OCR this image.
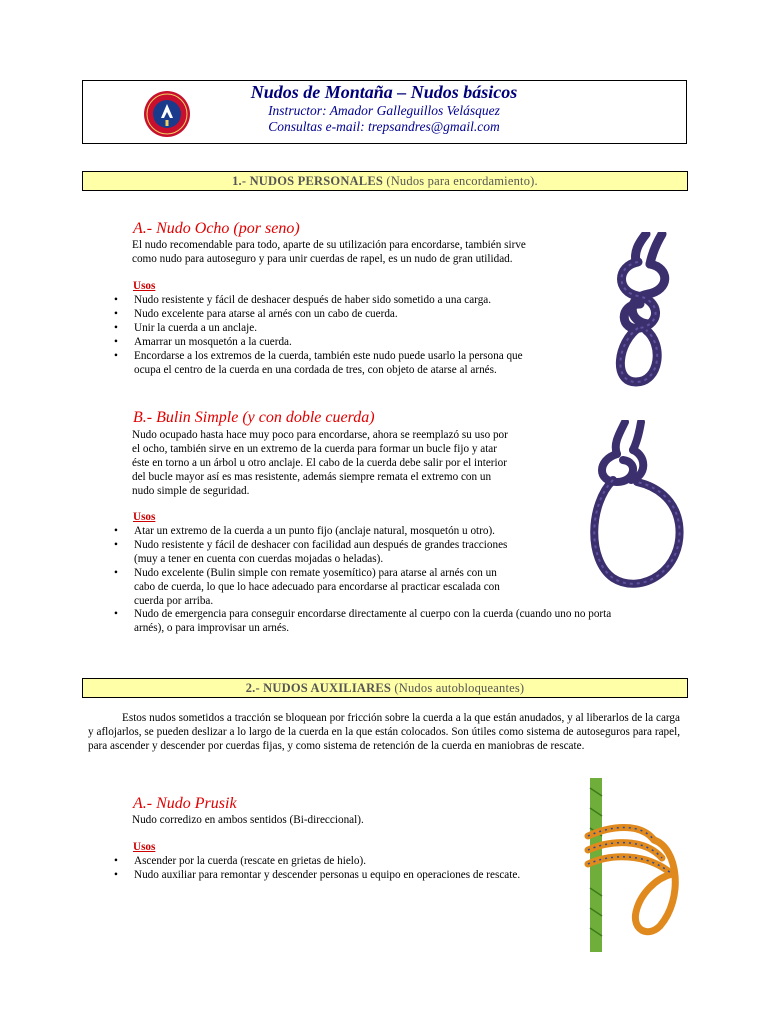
Nudos de Montaña – Nudos básicos
Instructor: Amador Galleguillos Velásquez
Consultas e-mail: trepsandres@gmail.com
1.- NUDOS PERSONALES (Nudos para encordamiento).
A.- Nudo Ocho (por seno)
El nudo recomendable para todo, aparte de su utilización para encordarse, también sirve
como nudo para autoseguro y para unir cuerdas de rapel, es un nudo de gran utilidad.
Usos
• Nudo resistente y fácil de deshacer después de haber sido sometido a una carga.
• Nudo excelente para atarse al arnés con un cabo de cuerda.
• Unir la cuerda a un anclaje.
• Amarrar un mosquetón a la cuerda.
• Encordarse a los extremos de la cuerda, también este nudo puede usarlo la persona que
ocupa el centro de la cuerda en una cordada de tres, con objeto de atarse al arnés.
B.- Bulin Simple (y con doble cuerda)
Nudo ocupado hasta hace muy poco para encordarse, ahora se reemplazó su uso por
el ocho, también sirve en un extremo de la cuerda para formar un bucle fijo y atar
éste en torno a un árbol u otro anclaje. El cabo de la cuerda debe salir por el interior
del bucle mayor así es mas resistente, además siempre remata el extremo con un
nudo simple de seguridad.
Usos
• Atar un extremo de la cuerda a un punto fijo (anclaje natural, mosquetón u otro).
• Nudo resistente y fácil de deshacer con facilidad aun después de grandes tracciones
(muy a tener en cuenta con cuerdas mojadas o heladas).
• Nudo excelente (Bulin simple con remate yosemítico) para atarse al arnés con un
cabo de cuerda, lo que lo hace adecuado para encordarse al practicar escalada con
cuerda por arriba.
• Nudo de emergencia para conseguir encordarse directamente al cuerpo con la cuerda (cuando uno no porta
arnés), o para improvisar un arnés.
2.- NUDOS AUXILIARES (Nudos autobloqueantes)
Estos nudos sometidos a tracción se bloquean por fricción sobre la cuerda a la que están anudados, y al liberarlos de la carga y aflojarlos, se pueden deslizar a lo largo de la cuerda en la que están colocados. Son útiles como sistema de autoseguros para rapel, para ascender y descender por cuerdas fijas, y como sistema de retención de la cuerda en maniobras de rescate.
A.- Nudo Prusik
Nudo corredizo en ambos sentidos (Bi-direccional).
Usos
• Ascender por la cuerda (rescate en grietas de hielo).
• Nudo auxiliar para remontar y descender personas u equipo en operaciones de rescate.
